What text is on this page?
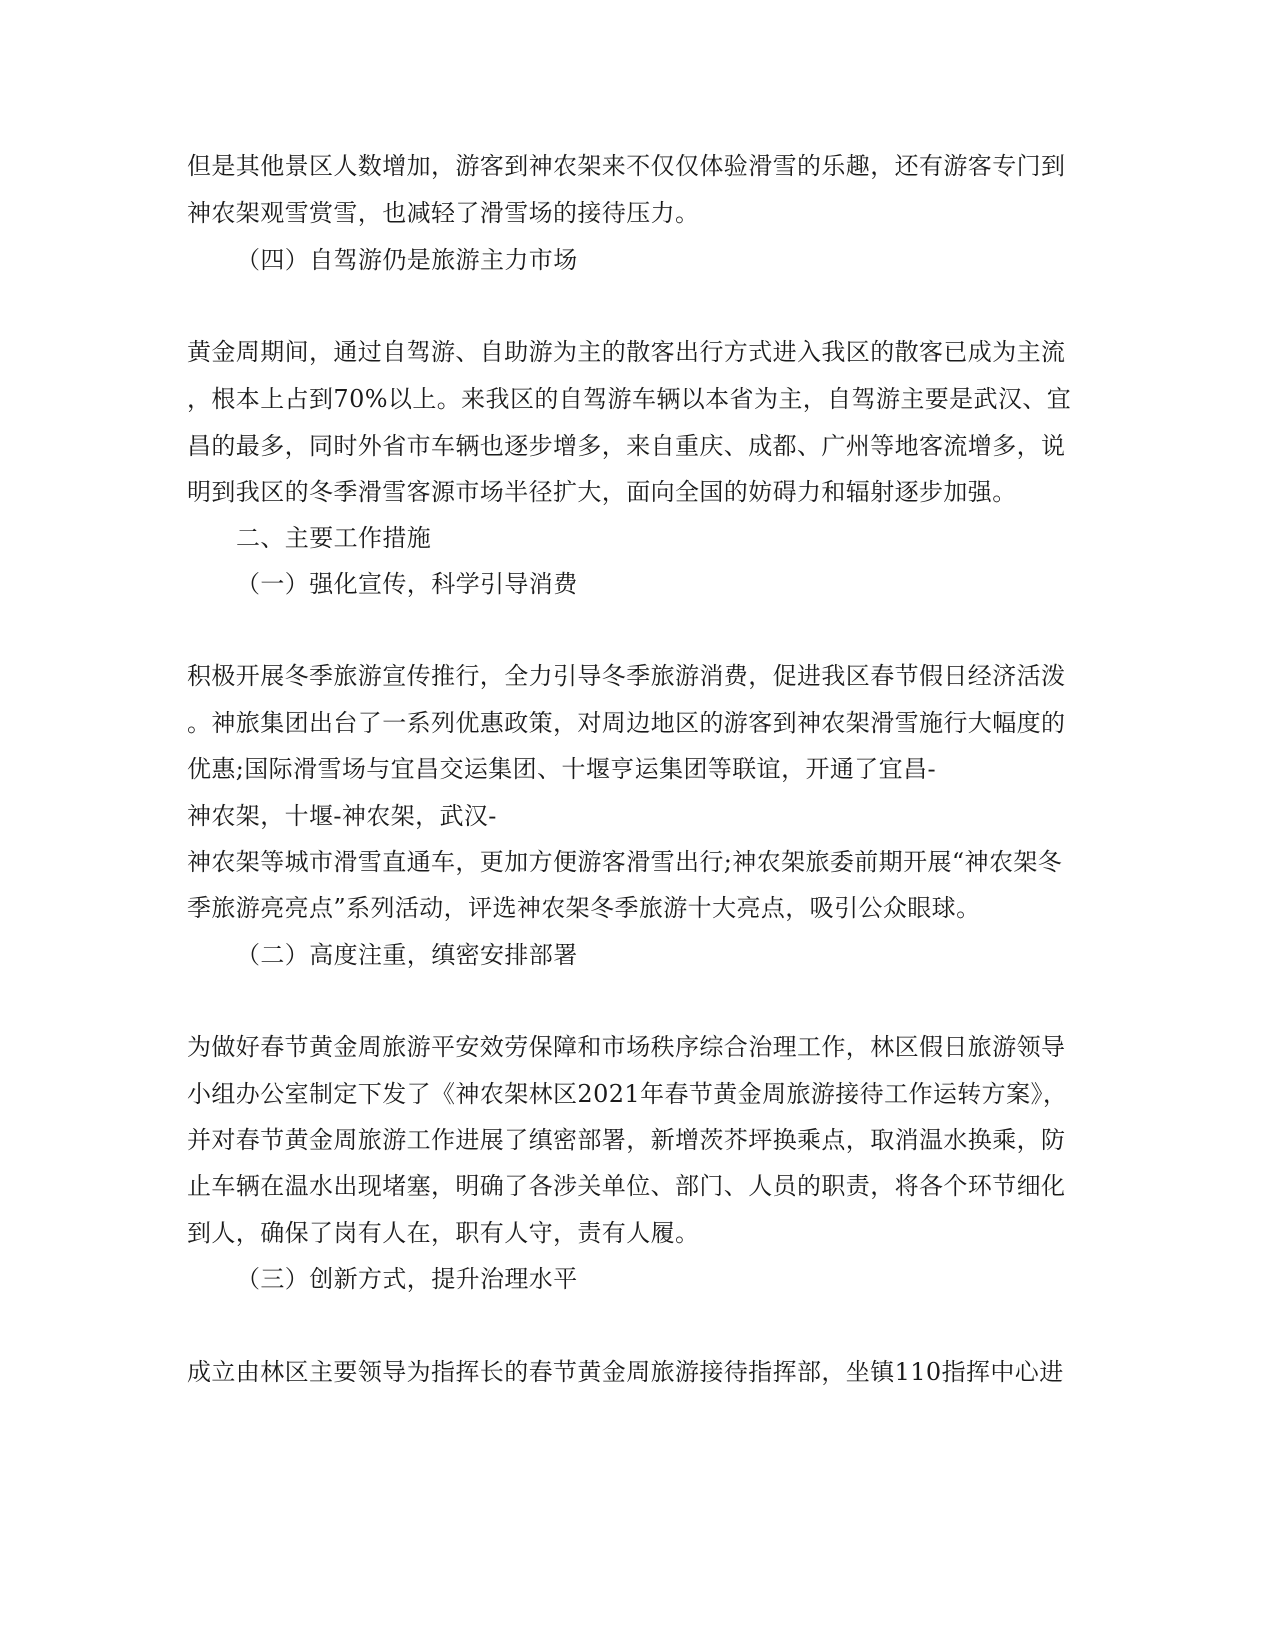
但是其他景区人数增加，游客到神农架来不仅仅体验滑雪的乐趣，还有游客专门到
神农架观雪赏雪，也减轻了滑雪场的接待压力。
（四）自驾游仍是旅游主力市场
黄金周期间，通过自驾游、自助游为主的散客出行方式进入我区的散客已成为主流
，根本上占到70%以上。来我区的自驾游车辆以本省为主，自驾游主要是武汉、宜
昌的最多，同时外省市车辆也逐步增多，来自重庆、成都、广州等地客流增多，说
明到我区的冬季滑雪客源市场半径扩大，面向全国的妨碍力和辐射逐步加强。
二、主要工作措施
（一）强化宣传，科学引导消费
积极开展冬季旅游宣传推行，全力引导冬季旅游消费，促进我区春节假日经济活泼
。神旅集团出台了一系列优惠政策，对周边地区的游客到神农架滑雪施行大幅度的
优惠;国际滑雪场与宜昌交运集团、十堰亨运集团等联谊，开通了宜昌-
神农架，十堰-神农架，武汉-
神农架等城市滑雪直通车，更加方便游客滑雪出行;神农架旅委前期开展“神农架冬
季旅游亮亮点”系列活动，评选神农架冬季旅游十大亮点，吸引公众眼球。
（二）高度注重，缜密安排部署
为做好春节黄金周旅游平安效劳保障和市场秩序综合治理工作，林区假日旅游领导
小组办公室制定下发了《神农架林区2021年春节黄金周旅游接待工作运转方案》，
并对春节黄金周旅游工作进展了缜密部署，新增茨芥坪换乘点，取消温水换乘，防
止车辆在温水出现堵塞，明确了各涉关单位、部门、人员的职责，将各个环节细化
到人，确保了岗有人在，职有人守，责有人履。
（三）创新方式，提升治理水平
成立由林区主要领导为指挥长的春节黄金周旅游接待指挥部，坐镇110指挥中心进
